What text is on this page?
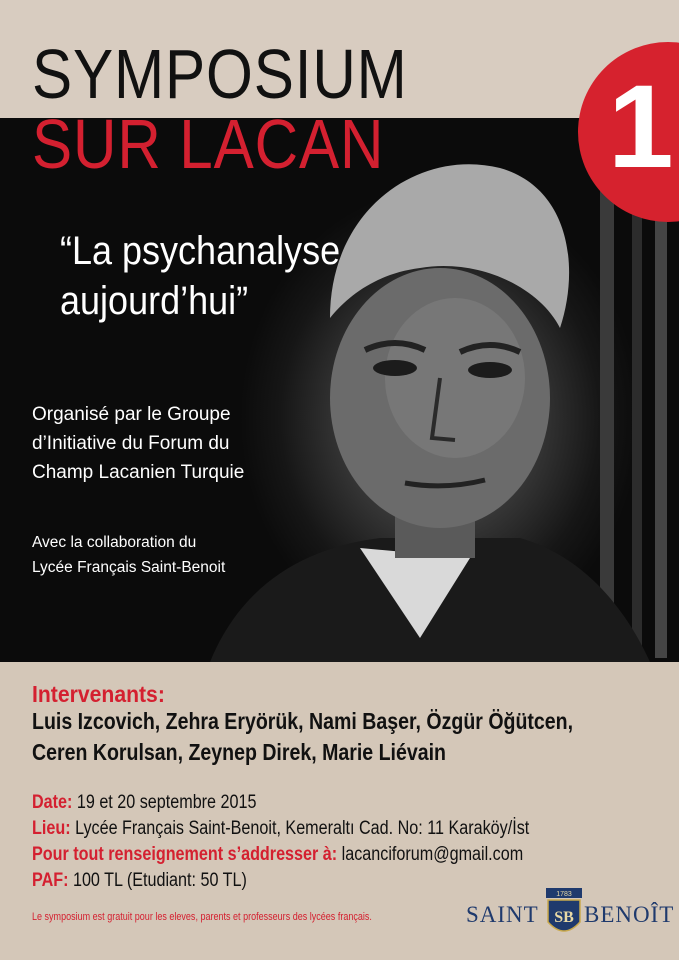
SYMPOSIUM
SUR LACAN 1
“La psychanalyse
aujourd’hui”
Organisé par le Groupe
d’Initiative du Forum du
Champ Lacanien Turquie
Avec la collaboration du
Lycée Français Saint-Benoit
Intervenants:
Luis Izcovich, Zehra Eryörük, Nami Başer, Özgür Öğütcen,
Ceren Korulsan, Zeynep Direk, Marie Liévain
Date: 19 et 20 septembre 2015
Lieu: Lycée Français Saint-Benoit, Kemeraltı Cad. No: 11 Karaköy/İst
Pour tout renseignement s’addresser à: lacanciforum@gmail.com
PAF: 100 TL (Etudiant: 50 TL)
Le symposium est gratuit pour les eleves, parents et professeurs des lycées français.	SAINT
1783
SB BENOÎT
